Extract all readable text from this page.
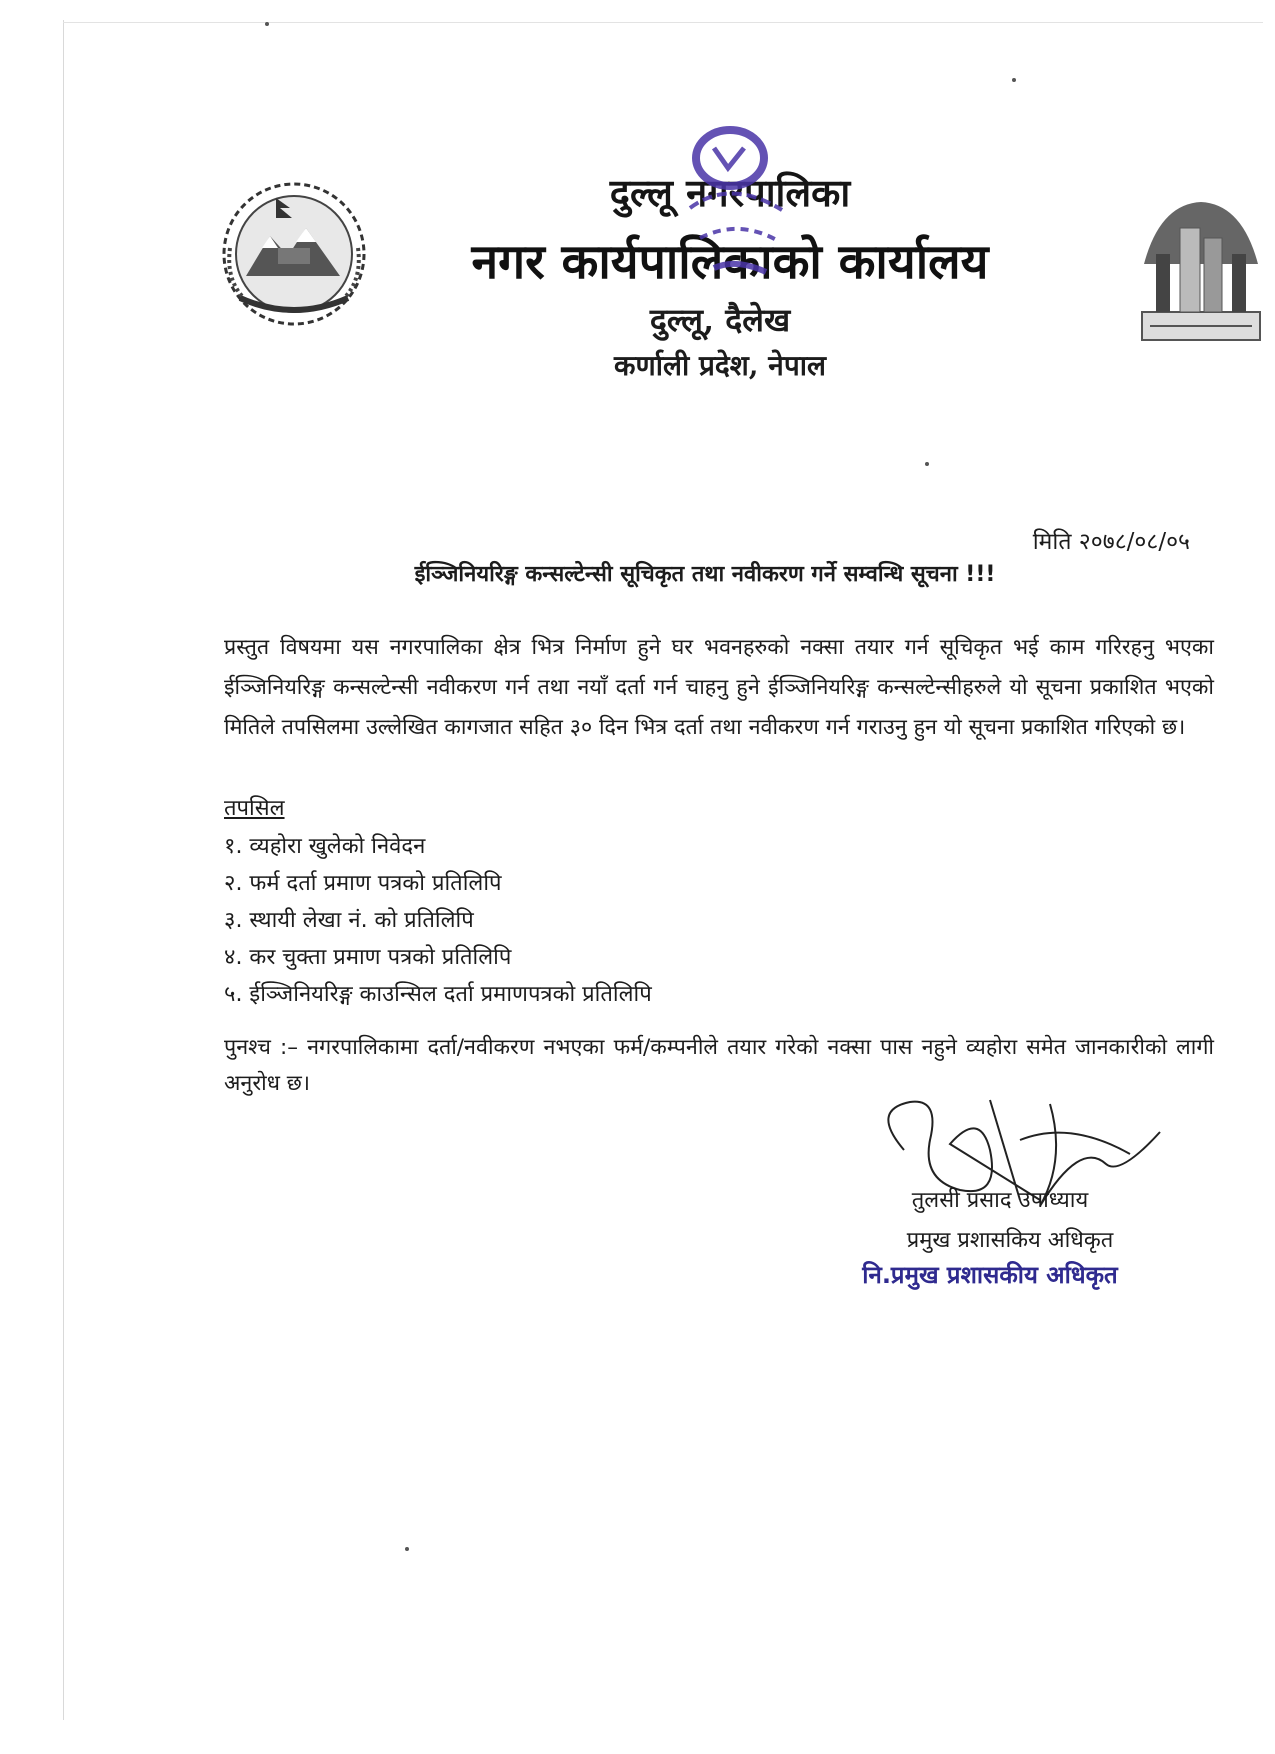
दुल्लू नगरपालिका
नगर कार्यपालिकाको कार्यालय
दुल्लू, दैलेख
कर्णाली प्रदेश, नेपाल
मिति २०७८/०८/०५
ईञ्जिनियरिङ्ग कन्सल्टेन्सी सूचिकृत तथा नवीकरण गर्ने सम्वन्धि सूचना !!!
प्रस्तुत विषयमा यस नगरपालिका क्षेत्र भित्र निर्माण हुने घर भवनहरुको नक्सा तयार गर्न सूचिकृत भई काम गरिरहनु भएका ईञ्जिनियरिङ्ग कन्सल्टेन्सी नवीकरण गर्न तथा नयाँ दर्ता गर्न चाहनु हुने ईञ्जिनियरिङ्ग कन्सल्टेन्सीहरुले यो सूचना प्रकाशित भएको मितिले तपसिलमा उल्लेखित कागजात सहित ३० दिन भित्र दर्ता तथा नवीकरण गर्न गराउनु हुन यो सूचना प्रकाशित गरिएको छ।
तपसिल
१. व्यहोरा खुलेको निवेदन
२. फर्म दर्ता प्रमाण पत्रको प्रतिलिपि
३. स्थायी लेखा नं. को प्रतिलिपि
४. कर चुक्ता प्रमाण पत्रको प्रतिलिपि
५. ईञ्जिनियरिङ्ग काउन्सिल दर्ता प्रमाणपत्रको प्रतिलिपि
पुनश्च :– नगरपालिकामा दर्ता/नवीकरण नभएका फर्म/कम्पनीले तयार गरेको नक्सा पास नहुने व्यहोरा समेत जानकारीको लागी अनुरोध छ।
तुलसी प्रसाद उपाध्याय
प्रमुख प्रशासकिय अधिकृत
नि.प्रमुख प्रशासकीय अधिकृत
